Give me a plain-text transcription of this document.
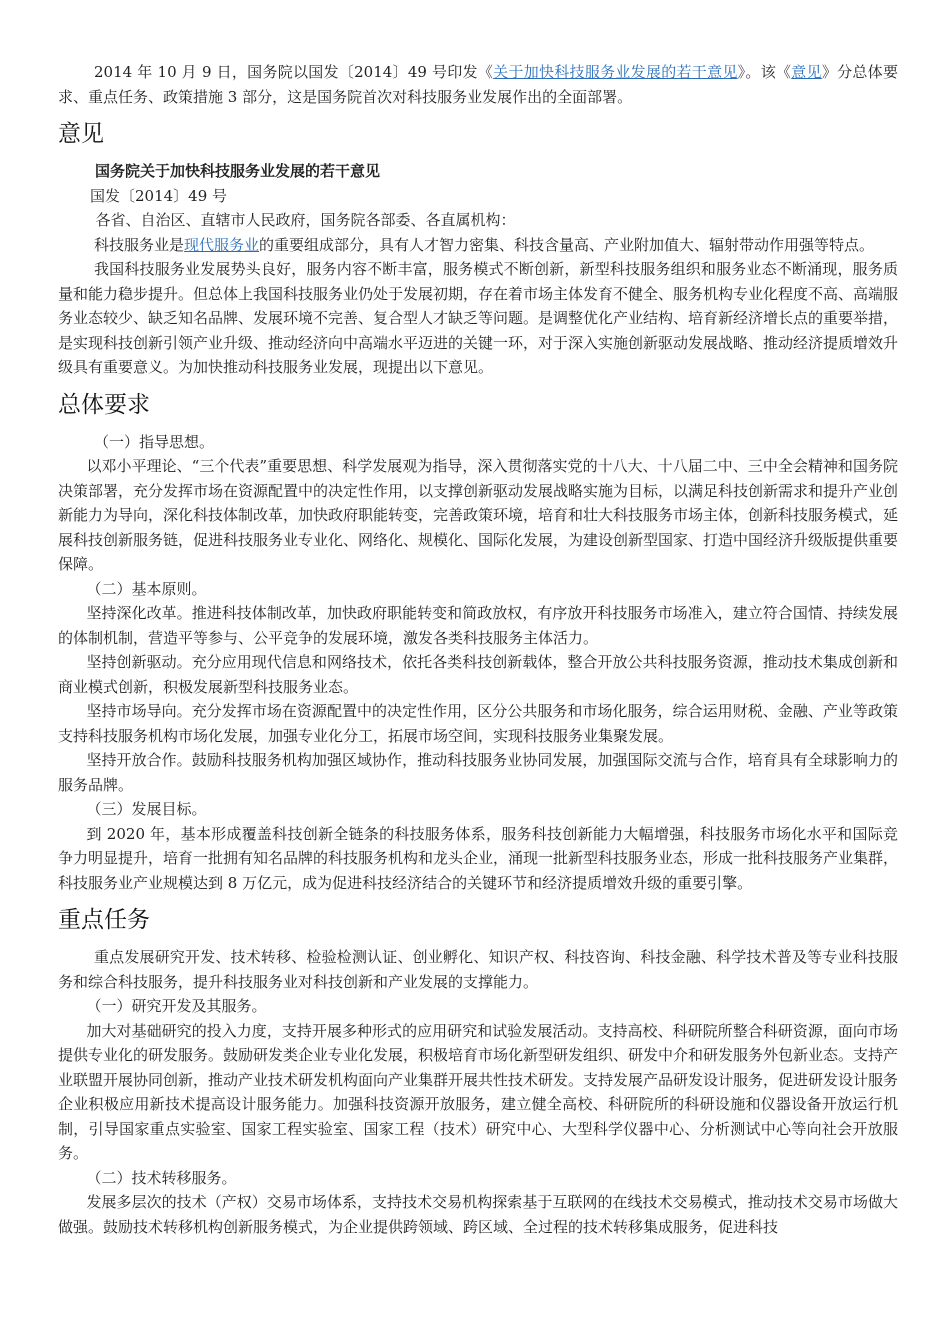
2014 年 10 月 9 日，国务院以国发〔2014〕49 号印发《关于加快科技服务业发展的若干意见》。该《意见》分总体要求、重点任务、政策措施 3 部分，这是国务院首次对科技服务业发展作出的全面部署。

意见

国务院关于加快科技服务业发展的若干意见

国发〔2014〕49 号

各省、自治区、直辖市人民政府，国务院各部委、各直属机构：

科技服务业是现代服务业的重要组成部分，具有人才智力密集、科技含量高、产业附加值大、辐射带动作用强等特点。

我国科技服务业发展势头良好，服务内容不断丰富，服务模式不断创新，新型科技服务组织和服务业态不断涌现，服务质量和能力稳步提升。但总体上我国科技服务业仍处于发展初期，存在着市场主体发育不健全、服务机构专业化程度不高、高端服务业态较少、缺乏知名品牌、发展环境不完善、复合型人才缺乏等问题。是调整优化产业结构、培育新经济增长点的重要举措，是实现科技创新引领产业升级、推动经济向中高端水平迈进的关键一环，对于深入实施创新驱动发展战略、推动经济提质增效升级具有重要意义。为加快推动科技服务业发展，现提出以下意见。

总体要求

（一）指导思想。

以邓小平理论、“三个代表”重要思想、科学发展观为指导，深入贯彻落实党的十八大、十八届二中、三中全会精神和国务院决策部署，充分发挥市场在资源配置中的决定性作用，以支撑创新驱动发展战略实施为目标，以满足科技创新需求和提升产业创新能力为导向，深化科技体制改革，加快政府职能转变，完善政策环境，培育和壮大科技服务市场主体，创新科技服务模式，延展科技创新服务链，促进科技服务业专业化、网络化、规模化、国际化发展，为建设创新型国家、打造中国经济升级版提供重要保障。

（二）基本原则。

坚持深化改革。推进科技体制改革，加快政府职能转变和简政放权，有序放开科技服务市场准入，建立符合国情、持续发展的体制机制，营造平等参与、公平竞争的发展环境，激发各类科技服务主体活力。

坚持创新驱动。充分应用现代信息和网络技术，依托各类科技创新载体，整合开放公共科技服务资源，推动技术集成创新和商业模式创新，积极发展新型科技服务业态。

坚持市场导向。充分发挥市场在资源配置中的决定性作用，区分公共服务和市场化服务，综合运用财税、金融、产业等政策支持科技服务机构市场化发展，加强专业化分工，拓展市场空间，实现科技服务业集聚发展。

坚持开放合作。鼓励科技服务机构加强区域协作，推动科技服务业协同发展，加强国际交流与合作，培育具有全球影响力的服务品牌。

（三）发展目标。

到 2020 年，基本形成覆盖科技创新全链条的科技服务体系，服务科技创新能力大幅增强，科技服务市场化水平和国际竞争力明显提升，培育一批拥有知名品牌的科技服务机构和龙头企业，涌现一批新型科技服务业态，形成一批科技服务产业集群，科技服务业产业规模达到 8 万亿元，成为促进科技经济结合的关键环节和经济提质增效升级的重要引擎。

重点任务

重点发展研究开发、技术转移、检验检测认证、创业孵化、知识产权、科技咨询、科技金融、科学技术普及等专业科技服务和综合科技服务，提升科技服务业对科技创新和产业发展的支撑能力。

（一）研究开发及其服务。

加大对基础研究的投入力度，支持开展多种形式的应用研究和试验发展活动。支持高校、科研院所整合科研资源，面向市场提供专业化的研发服务。鼓励研发类企业专业化发展，积极培育市场化新型研发组织、研发中介和研发服务外包新业态。支持产业联盟开展协同创新，推动产业技术研发机构面向产业集群开展共性技术研发。支持发展产品研发设计服务，促进研发设计服务企业积极应用新技术提高设计服务能力。加强科技资源开放服务，建立健全高校、科研院所的科研设施和仪器设备开放运行机制，引导国家重点实验室、国家工程实验室、国家工程（技术）研究中心、大型科学仪器中心、分析测试中心等向社会开放服务。

（二）技术转移服务。

发展多层次的技术（产权）交易市场体系，支持技术交易机构探索基于互联网的在线技术交易模式，推动技术交易市场做大做强。鼓励技术转移机构创新服务模式，为企业提供跨领域、跨区域、全过程的技术转移集成服务，促进科技
